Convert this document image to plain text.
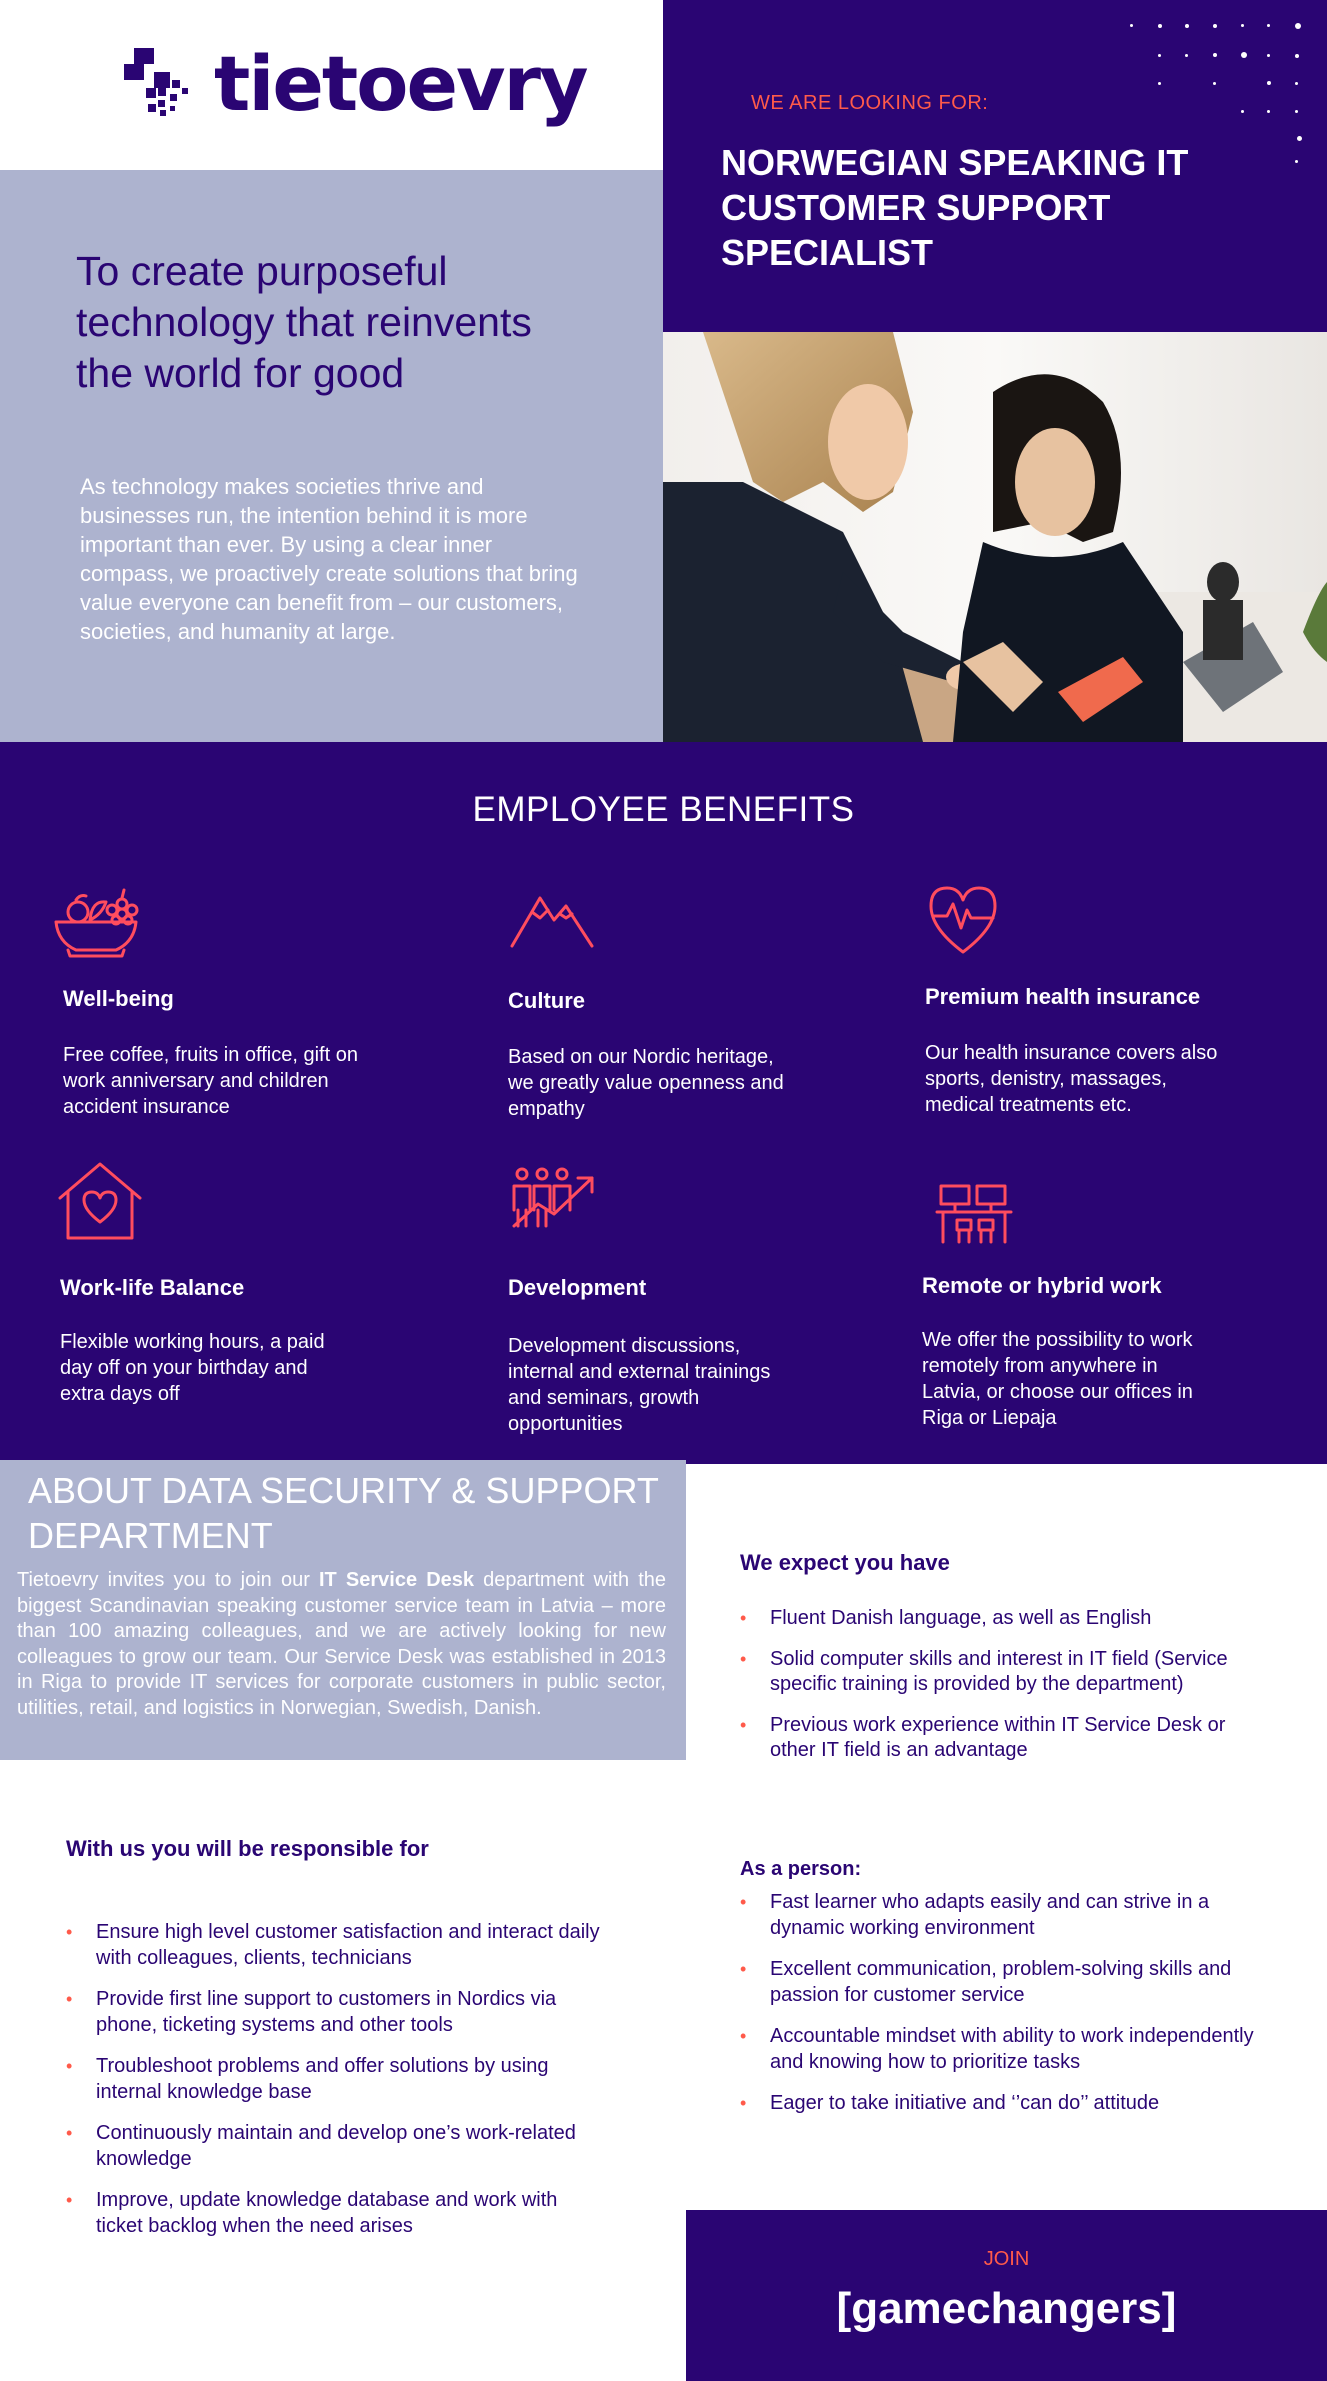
tietoevry	WE ARE LOOKING FOR:
NORWEGIAN SPEAKING IT
CUSTOMER SUPPORT SPECIALIST
To create purposeful technology that reinvents the world for good
As technology makes societies thrive and businesses run, the intention behind it is more important than ever. By using a clear inner compass, we proactively create solutions that bring value everyone can benefit from – our customers, societies, and humanity at large.
EMPLOYEE BENEFITS
Well-being
Free coffee, fruits in office, gift on work anniversary and children accident insurance
Culture
Based on our Nordic heritage, we greatly value openness and empathy
Premium health insurance
Our health insurance covers also sports, denistry, massages, medical treatments etc.
Work-life Balance
Flexible working hours, a paid day off on your birthday and extra days off
Development
Development discussions, internal and external trainings and seminars, growth opportunities
Remote or hybrid work
We offer the possibility to work remotely from anywhere in Latvia, or choose our offices in Riga or Liepaja
ABOUT DATA SECURITY & SUPPORT DEPARTMENT
Tietoevry invites you to join our IT Service Desk department with the biggest Scandinavian speaking customer service team in Latvia – more than 100 amazing colleagues, and we are actively looking for new colleagues to grow our team. Our Service Desk was established in 2013 in Riga to provide IT services for corporate customers in public sector, utilities, retail, and logistics in Norwegian, Swedish, Danish.
We expect you have
• Fluent Danish language, as well as English
• Solid computer skills and interest in IT field (Service specific training is provided by the department)
• Previous work experience within IT Service Desk or other IT field is an advantage
With us you will be responsible for
• Ensure high level customer satisfaction and interact daily with colleagues, clients, technicians
• Provide first line support to customers in Nordics via phone, ticketing systems and other tools
• Troubleshoot problems and offer solutions by using internal knowledge base
• Continuously maintain and develop one’s work-related knowledge
• Improve, update knowledge database and work with ticket backlog when the need arises
As a person:
• Fast learner who adapts easily and can strive in a dynamic working environment
• Excellent communication, problem-solving skills and passion for customer service
• Accountable mindset with ability to work independently and knowing how to prioritize tasks
• Eager to take initiative and ‘’can do’’ attitude
JOIN
[gamechangers]
